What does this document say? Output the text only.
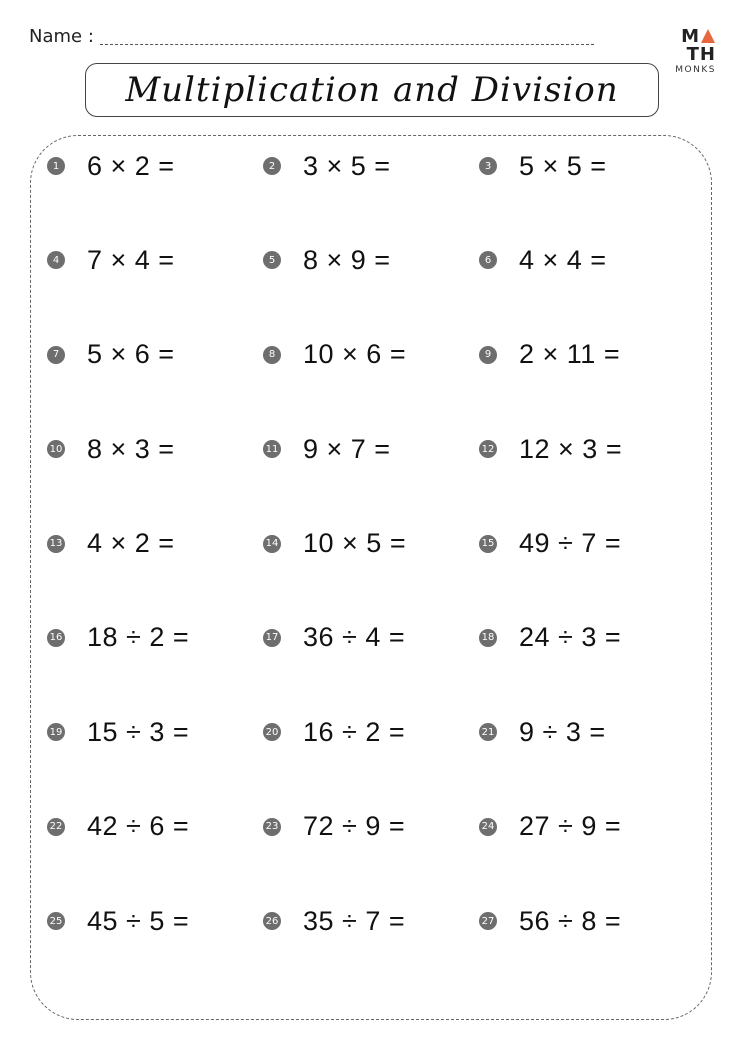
Name :	MTH
MONKS
Multiplication and Division
1 6 × 2 =	2 3 × 5 =	3 5 × 5 =
4 7 × 4 =	5 8 × 9 =	6 4 × 4 =
7 5 × 6 =	8 10 × 6 =	9 2 × 11 =
10 8 × 3 =	11 9 × 7 =	12 12 × 3 =
13 4 × 2 =	14 10 × 5 =	15 49 ÷ 7 =
16 18 ÷ 2 =	17 36 ÷ 4 =	18 24 ÷ 3 =
19 15 ÷ 3 =	20 16 ÷ 2 =	21 9 ÷ 3 =
22 42 ÷ 6 =	23 72 ÷ 9 =	24 27 ÷ 9 =
25 45 ÷ 5 =	26 35 ÷ 7 =	27 56 ÷ 8 =
